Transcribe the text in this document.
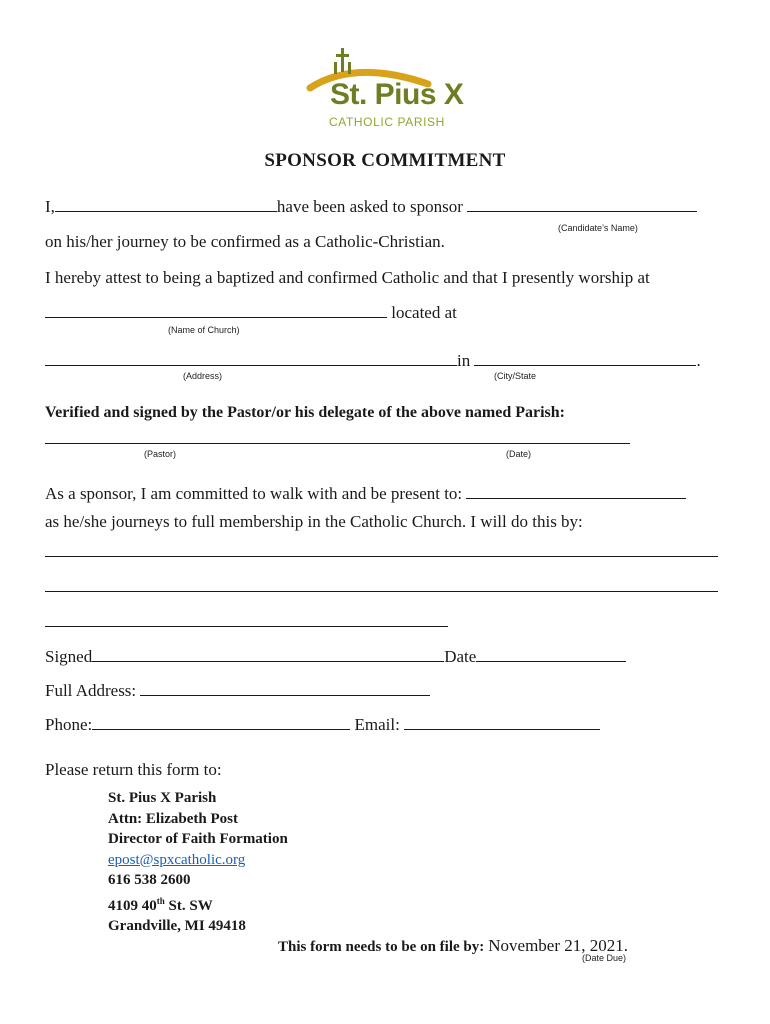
St. Pius X
CATHOLIC PARISH
SPONSOR COMMITMENT
I,	have been asked to sponsor
(Candidate’s Name)
on his/her journey to be confirmed as a Catholic-Christian.
I hereby attest to being a baptized and confirmed Catholic and that I presently worship at
located at
(Name of Church)
in	.
(Address)	(City/State
Verified and signed by the Pastor/or his delegate of the above named Parish:
(Pastor)	(Date)
As a sponsor, I am committed to walk with and be present to:
as he/she journeys to full membership in the Catholic Church. I will do this by:
Signed	Date
Full Address:
Phone:	Email:
Please return this form to:
St. Pius X Parish
Attn: Elizabeth Post
Director of Faith Formation
epost@spxcatholic.org
616 538 2600
4109 40th St. SW
Grandville, MI 49418
This form needs to be on file by: November 21, 2021.
(Date Due)
